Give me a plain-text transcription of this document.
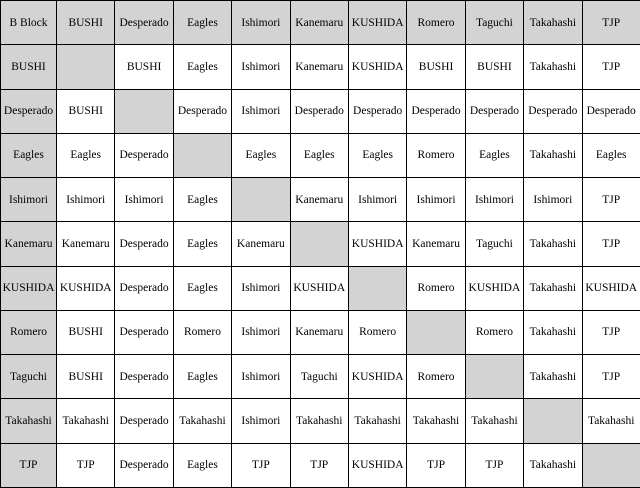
B Block	BUSHI	Desperado	Eagles	Ishimori	Kanemaru	KUSHIDA	Romero	Taguchi	Takahashi	TJP
BUSHI		BUSHI	Eagles	Ishimori	Kanemaru	KUSHIDA	BUSHI	BUSHI	Takahashi	TJP
Desperado	BUSHI		Desperado	Ishimori	Desperado	Desperado	Desperado	Desperado	Desperado	Desperado
Eagles	Eagles	Desperado		Eagles	Eagles	Eagles	Romero	Eagles	Takahashi	Eagles
Ishimori	Ishimori	Ishimori	Eagles		Kanemaru	Ishimori	Ishimori	Ishimori	Ishimori	TJP
Kanemaru	Kanemaru	Desperado	Eagles	Kanemaru		KUSHIDA	Kanemaru	Taguchi	Takahashi	TJP
KUSHIDA	KUSHIDA	Desperado	Eagles	Ishimori	KUSHIDA		Romero	KUSHIDA	Takahashi	KUSHIDA
Romero	BUSHI	Desperado	Romero	Ishimori	Kanemaru	Romero		Romero	Takahashi	TJP
Taguchi	BUSHI	Desperado	Eagles	Ishimori	Taguchi	KUSHIDA	Romero		Takahashi	TJP
Takahashi	Takahashi	Desperado	Takahashi	Ishimori	Takahashi	Takahashi	Takahashi	Takahashi		Takahashi
TJP	TJP	Desperado	Eagles	TJP	TJP	KUSHIDA	TJP	TJP	Takahashi	
